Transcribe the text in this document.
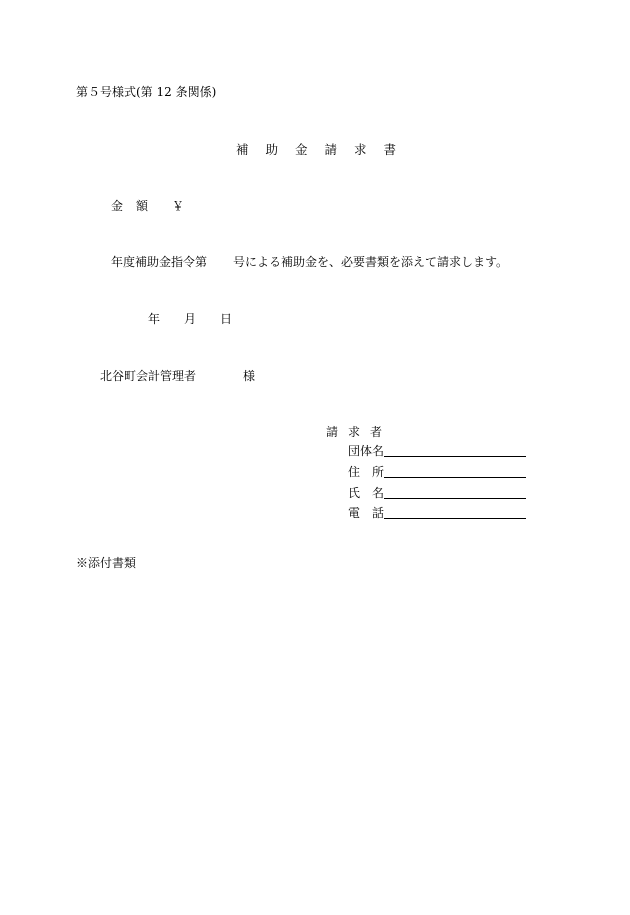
第５号様式(第 12 条関係)
補助金請求書
金額 ￥
年度補助金指令第 号による補助金を、必要書類を添えて請求します。
年 月 日
北谷町会計管理者	様
請求者
団体名
住所
氏名
電話
※添付書類
